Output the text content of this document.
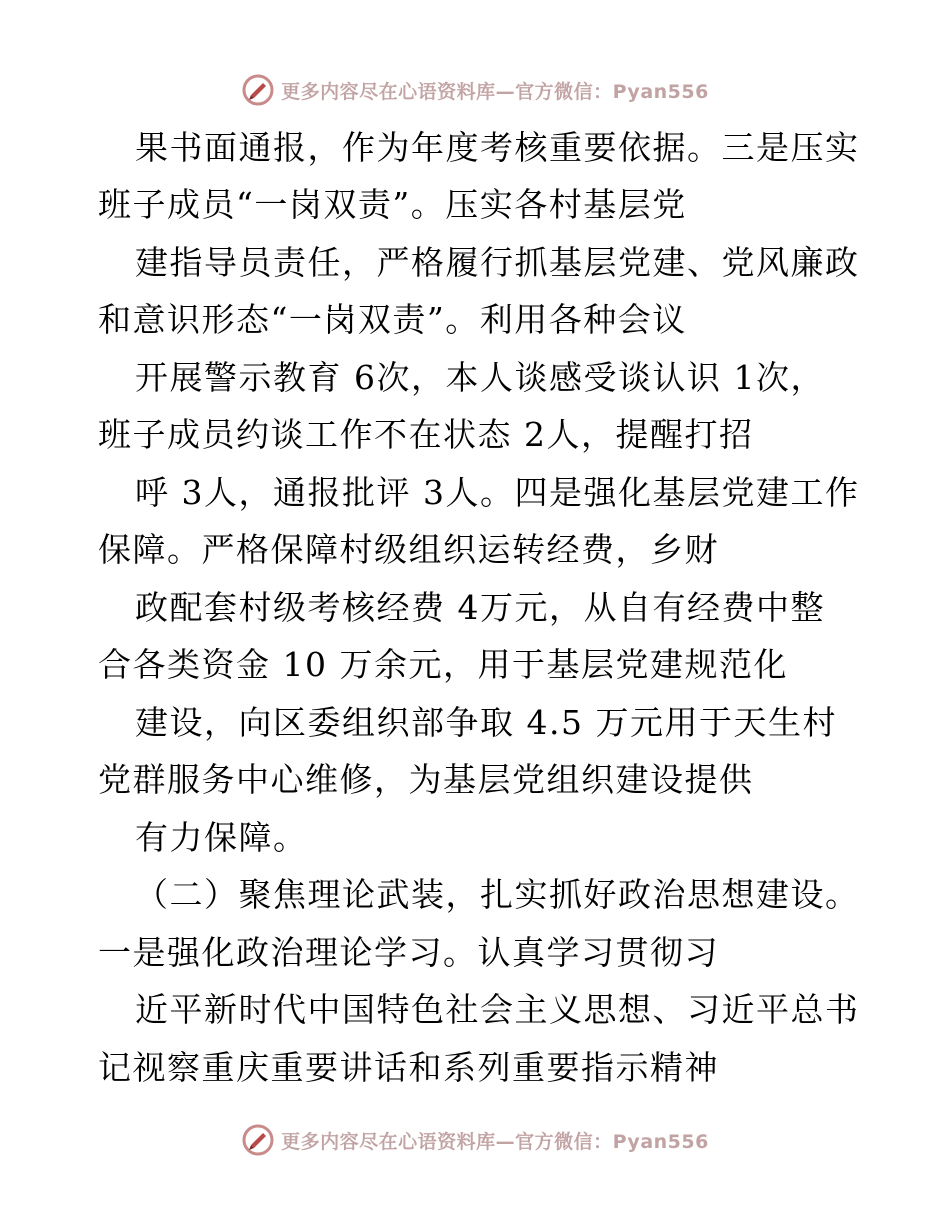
更多内容尽在心语资料库—官方微信：Pyan556
果书面通报，作为年度考核重要依据。三是压实
班子成员“一岗双责”。压实各村基层党
建指导员责任，严格履行抓基层党建、党风廉政
和意识形态“一岗双责”。利用各种会议
开展警示教育 6次，本人谈感受谈认识 1次，
班子成员约谈工作不在状态 2人，提醒打招
呼 3人，通报批评 3人。四是强化基层党建工作
保障。严格保障村级组织运转经费，乡财
政配套村级考核经费 4万元，从自有经费中整
合各类资金 10 万余元，用于基层党建规范化
建设，向区委组织部争取 4.5 万元用于天生村
党群服务中心维修，为基层党组织建设提供
有力保障。
（二）聚焦理论武装，扎实抓好政治思想建设。
一是强化政治理论学习。认真学习贯彻习
近平新时代中国特色社会主义思想、习近平总书
记视察重庆重要讲话和系列重要指示精神
更多内容尽在心语资料库—官方微信：Pyan556
